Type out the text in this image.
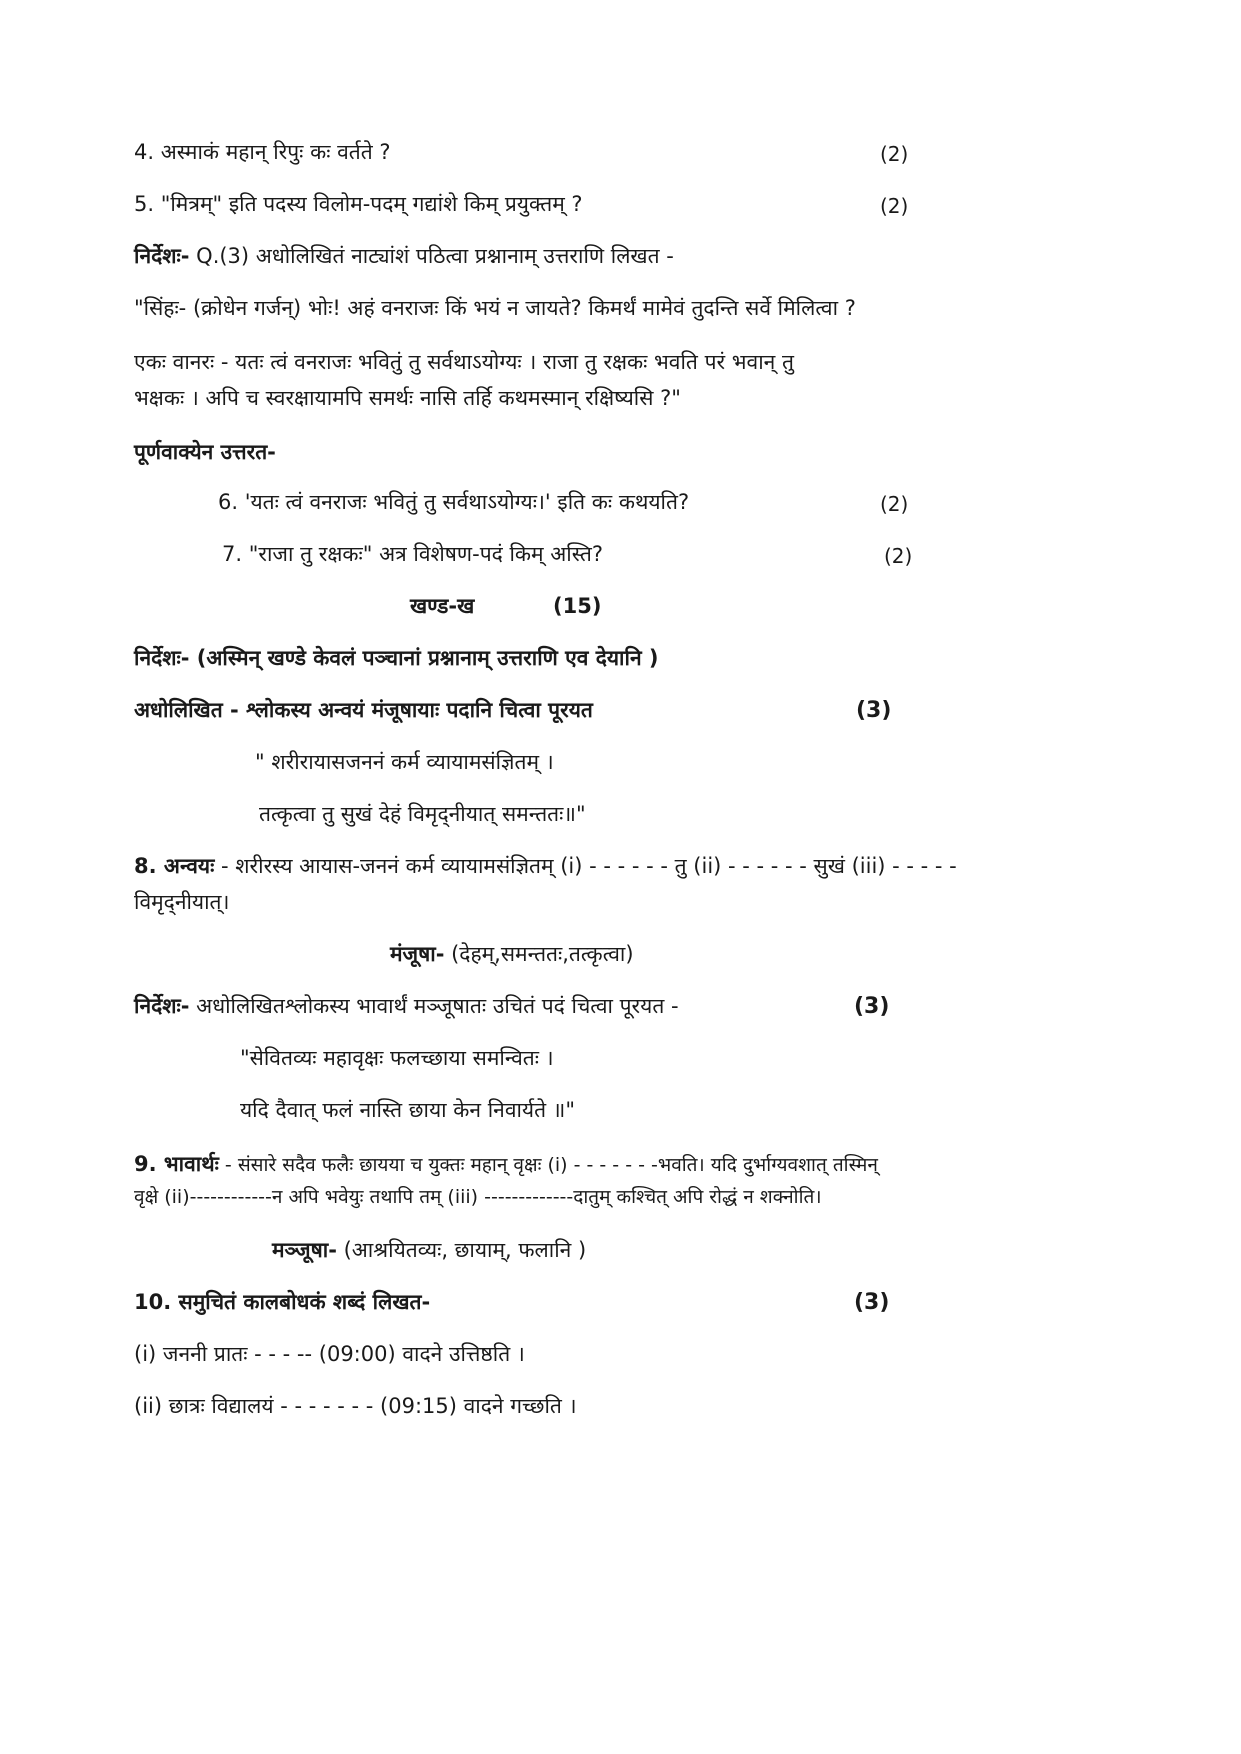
4. अस्माकं महान् रिपुः कः वर्तते ?	(2)
5. "मित्रम्" इति पदस्य विलोम-पदम् गद्यांशे किम् प्रयुक्तम् ?	(2)
निर्देशः- Q.(3) अधोलिखितं नाट्यांशं पठित्वा प्रश्नानाम् उत्तराणि लिखत -
"सिंहः- (क्रोधेन गर्जन्) भोः! अहं वनराजः किं भयं न जायते? किमर्थं मामेवं तुदन्ति सर्वे मिलित्वा ?
एकः वानरः - यतः त्वं वनराजः भवितुं तु सर्वथाऽयोग्यः । राजा तु रक्षकः भवति परं भवान् तु
भक्षकः । अपि च स्वरक्षायामपि समर्थः नासि तर्हि कथमस्मान् रक्षिष्यसि ?"
पूर्णवाक्येन उत्तरत-
6. 'यतः त्वं वनराजः भवितुं तु सर्वथाऽयोग्यः।' इति कः कथयति?	(2)
7. "राजा तु रक्षकः" अत्र विशेषण-पदं किम् अस्ति?	(2)
खण्ड-ख	(15)
निर्देशः- (अस्मिन् खण्डे केवलं पञ्चानां प्रश्नानाम् उत्तराणि एव देयानि )
अधोलिखित - श्लोकस्य अन्वयं मंजूषायाः पदानि चित्वा पूरयत	(3)
" शरीरायासजननं कर्म व्यायामसंज्ञितम् ।
तत्कृत्वा तु सुखं देहं विमृद्नीयात् समन्ततः॥"
8. अन्वयः - शरीरस्य आयास-जननं कर्म व्यायामसंज्ञितम् (i) - - - - - - तु (ii) - - - - - - सुखं (iii) - - - - -
विमृद्नीयात्।
मंजूषा- (देहम्,समन्ततः,तत्कृत्वा)
निर्देशः- अधोलिखितश्लोकस्य भावार्थं मञ्जूषातः उचितं पदं चित्वा पूरयत -	(3)
"सेवितव्यः महावृक्षः फलच्छाया समन्वितः ।
यदि दैवात् फलं नास्ति छाया केन निवार्यते ॥"
9. भावार्थः - संसारे सदैव फलैः छायया च युक्तः महान् वृक्षः (i) - - - - - - -भवति। यदि दुर्भाग्यवशात् तस्मिन्
वृक्षे (ii)------------न अपि भवेयुः तथापि तम् (iii) -------------दातुम् कश्चित् अपि रोद्धं न शक्नोति।
मञ्जूषा- (आश्रयितव्यः, छायाम्, फलानि )
10. समुचितं कालबोधकं शब्दं लिखत-	(3)
(i) जननी प्रातः - - - -- (09:00) वादने उत्तिष्ठति ।
(ii) छात्रः विद्यालयं - - - - - - - (09:15) वादने गच्छति ।
